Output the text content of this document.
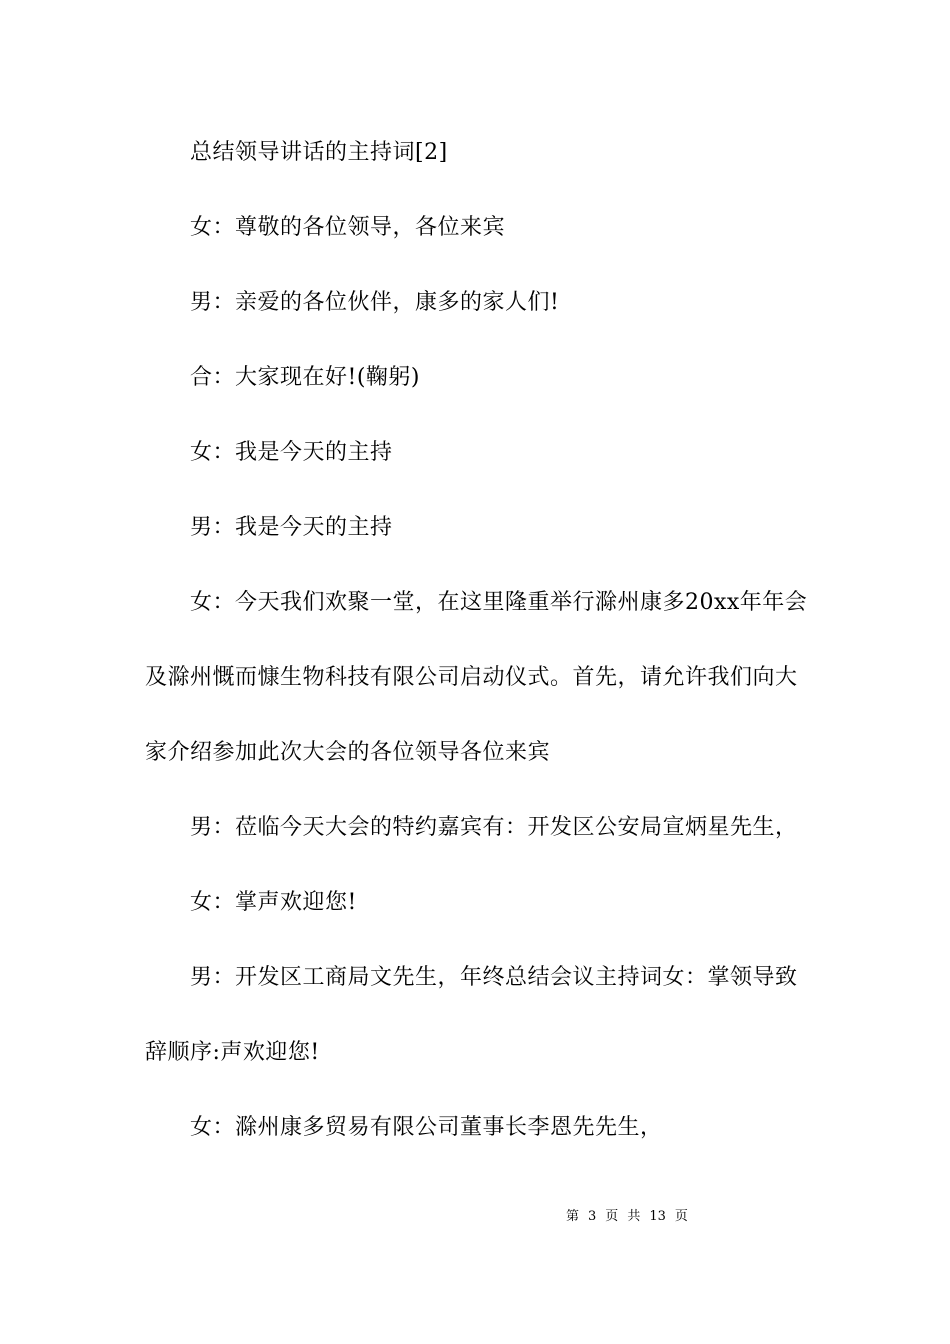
总结领导讲话的主持词[2]
女：尊敬的各位领导，各位来宾
男：亲爱的各位伙伴，康多的家人们!
合：大家现在好!(鞠躬)
女：我是今天的主持
男：我是今天的主持
女：今天我们欢聚一堂，在这里隆重举行滁州康多20xx年年会
及滁州慨而慷生物科技有限公司启动仪式。首先，请允许我们向大
家介绍参加此次大会的各位领导各位来宾
男：莅临今天大会的特约嘉宾有：开发区公安局宣炳星先生，
女：掌声欢迎您!
男：开发区工商局文先生，年终总结会议主持词女：掌领导致
辞顺序:声欢迎您!
女：滁州康多贸易有限公司董事长李恩先先生，
第 3 页 共 13 页
